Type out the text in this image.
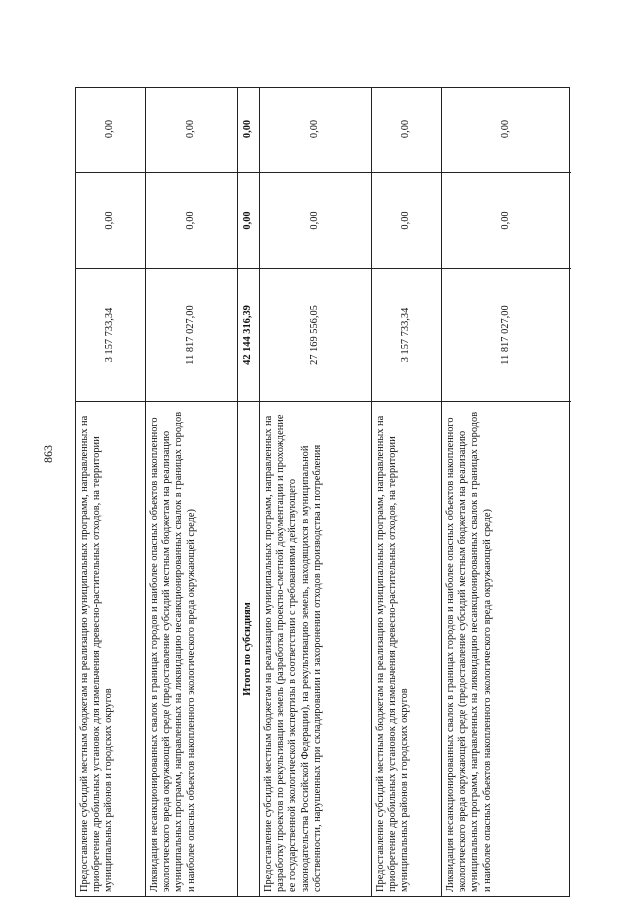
863	Предоставление субсидий местным бюджетам на реализацию муниципальных программ, направленных на приобретение дробильных установок для измельчения древесно-растительных отходов, на территории муниципальных районов и городских округов
3 157 733,34
0,00
0,00
Ликвидация несанкционированных свалок в границах городов и наиболее опасных объектов накопленного экологического вреда окружающей среде (предоставление субсидий местным бюджетам на реализацию муниципальных программ, направленных на ликвидацию несанкционированных свалок в границах городов и наиболее опасных объектов накопленного экологического вреда окружающей среде)
11 817 027,00
0,00
0,00
Итого по субсидиям
42 144 316,39
0,00
0,00
Предоставление субсидий местным бюджетам на реализацию муниципальных программ, направленных на разработку проектов по рекультивации земель (разработка проектно-сметной документации и прохождение ее государственной экологической экспертизы в соответствии с требованиями действующего законодательства Российской Федерации), на рекультивацию земель, находящихся в муниципальной собственности, нарушенных при складировании и захоронении отходов производства и потребления
27 169 556,05
0,00
0,00
Предоставление субсидий местным бюджетам на реализацию муниципальных программ, направленных на приобретение дробильных установок для измельчения древесно-растительных отходов, на территории муниципальных районов и городских округов
3 157 733,34
0,00
0,00
Ликвидация несанкционированных свалок в границах городов и наиболее опасных объектов накопленного экологического вреда окружающей среде (предоставление субсидий местным бюджетам на реализацию муниципальных программ, направленных на ликвидацию несанкционированных свалок в границах городов и наиболее опасных объектов накопленного экологического вреда окружающей среде)
11 817 027,00
0,00
0,00
